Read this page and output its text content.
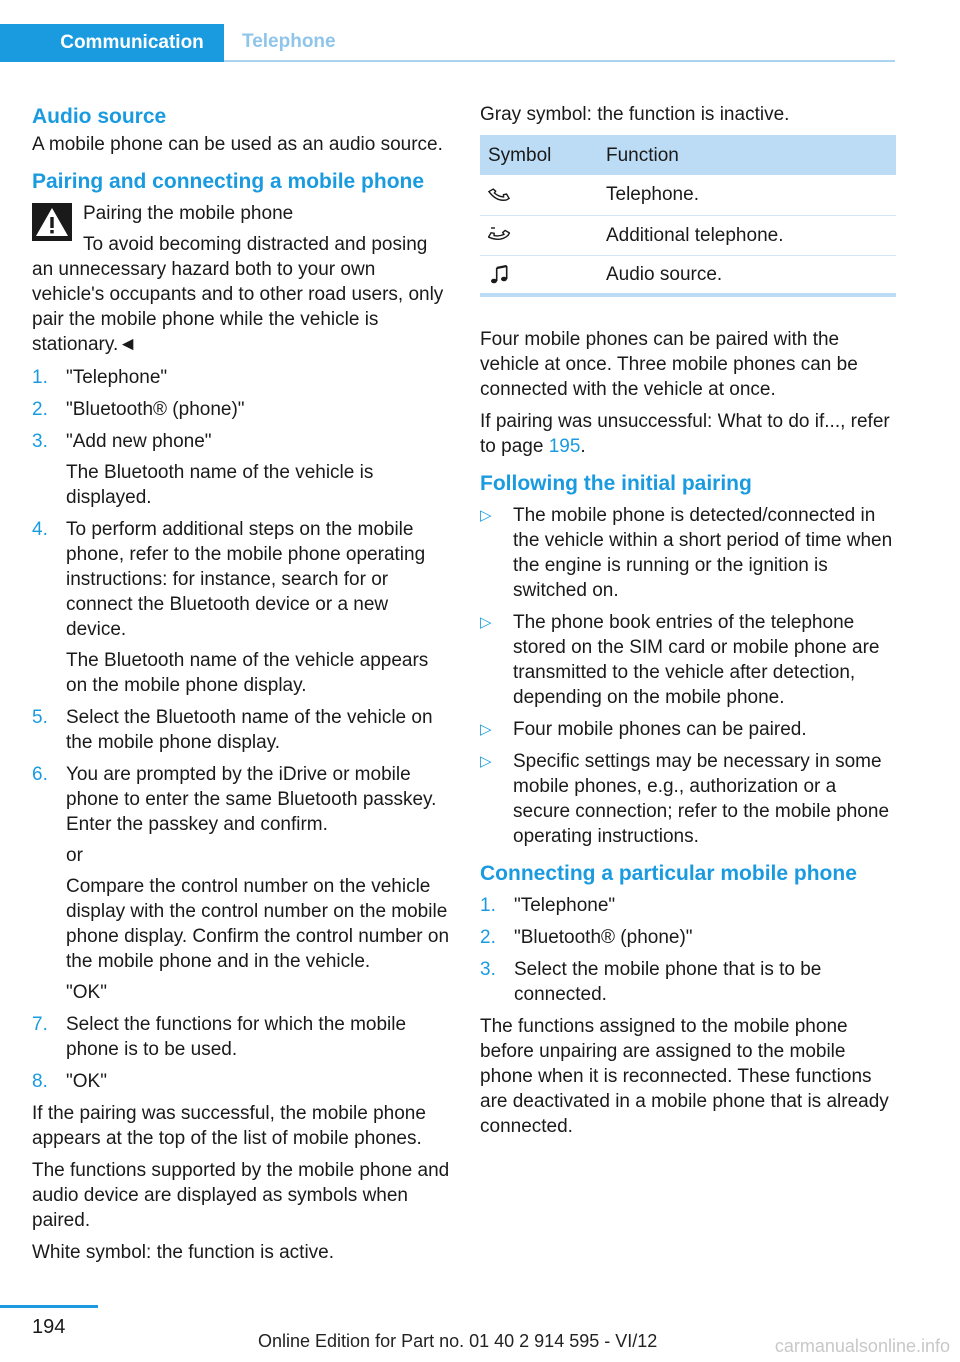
Communication	Telephone
Audio source

A mobile phone can be used as an audio source.

Pairing and connecting a mobile phone
Pairing the mobile phone
To avoid becoming distracted and posing
an unnecessary hazard both to your own vehicle's occupants and to other road users, only pair the mobile phone while the vehicle is stationary.◄
1. "Telephone"
2. "Bluetooth® (phone)"
3. "Add new phone"
The Bluetooth name of the vehicle is displayed.
4. To perform additional steps on the mobile phone, refer to the mobile phone operating instructions: for instance, search for or connect the Bluetooth device or a new device.
The Bluetooth name of the vehicle appears on the mobile phone display.
5. Select the Bluetooth name of the vehicle on the mobile phone display.
6. You are prompted by the iDrive or mobile phone to enter the same Bluetooth passkey. Enter the passkey and confirm.
or
Compare the control number on the vehicle display with the control number on the mobile phone display. Confirm the control number on the mobile phone and in the vehicle.
"OK"
7. Select the functions for which the mobile phone is to be used.
8. "OK"

If the pairing was successful, the mobile phone appears at the top of the list of mobile phones.

The functions supported by the mobile phone and audio device are displayed as symbols when paired.

White symbol: the function is active.

Gray symbol: the function is inactive.

Symbol	Function
	Telephone.
	Additional telephone.
	Audio source.

Four mobile phones can be paired with the vehicle at once. Three mobile phones can be connected with the vehicle at once.

If pairing was unsuccessful: What to do if..., refer to page 195.

Following the initial pairing
▷ The mobile phone is detected/connected in the vehicle within a short period of time when the engine is running or the ignition is switched on.
▷ The phone book entries of the telephone stored on the SIM card or mobile phone are transmitted to the vehicle after detection, depending on the mobile phone.
▷ Four mobile phones can be paired.
▷ Specific settings may be necessary in some mobile phones, e.g., authorization or a secure connection; refer to the mobile phone operating instructions.
Connecting a particular mobile phone
1. "Telephone"
2. "Bluetooth® (phone)"
3. Select the mobile phone that is to be connected.

The functions assigned to the mobile phone before unpairing are assigned to the mobile phone when it is reconnected. These functions are deactivated in a mobile phone that is already connected.

194
Online Edition for Part no. 01 40 2 914 595 - VI/12	carmanualsonline.info
